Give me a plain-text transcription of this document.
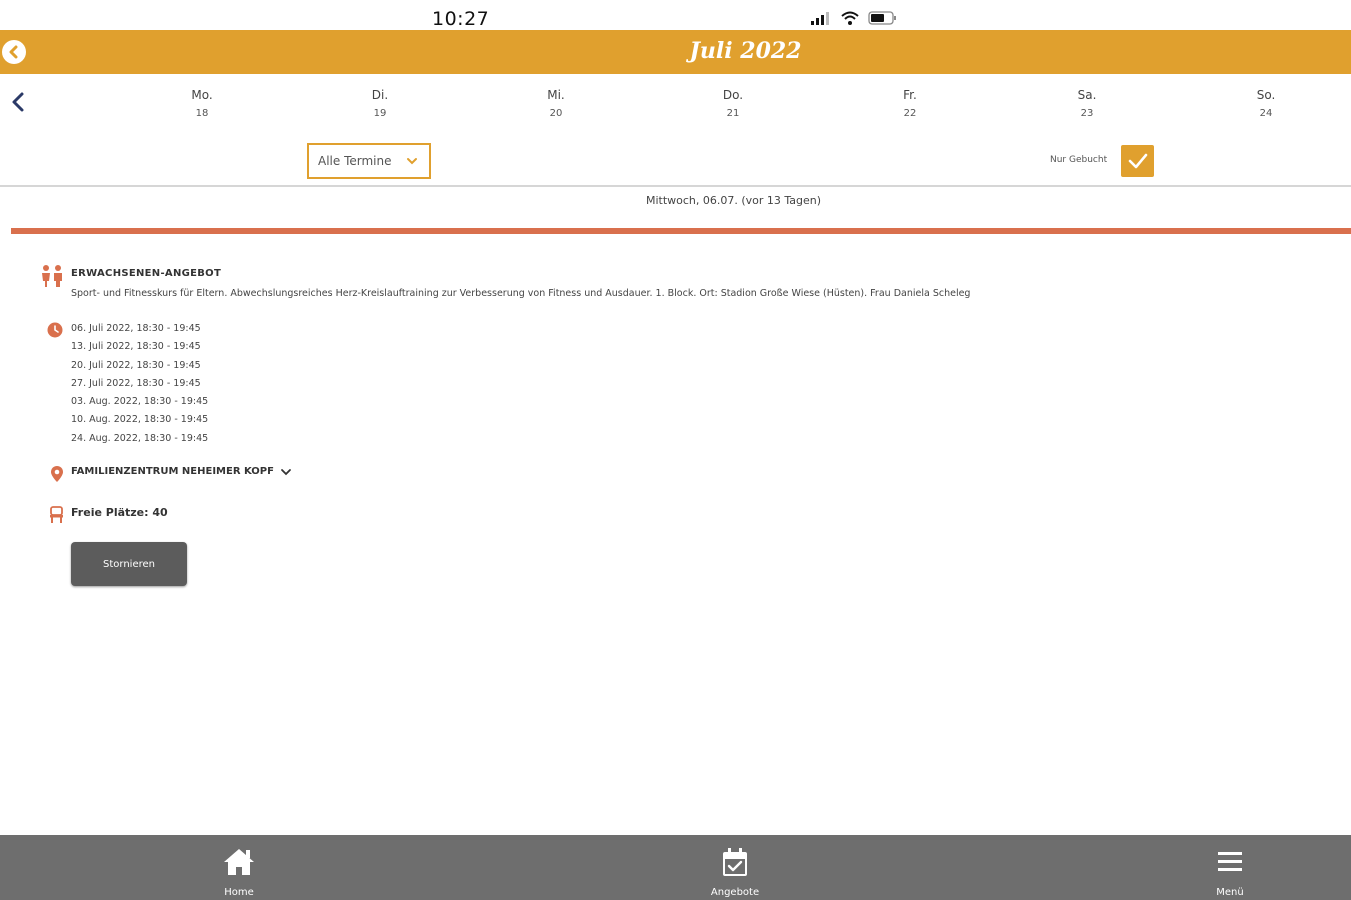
10:27
Juli 2022
Mo.
18
Di.
19
Mi.
20
Do.
21
Fr.
22
Sa.
23
So.
24
Alle Termine	Nur Gebucht
Mittwoch, 06.07. (vor 13 Tagen)
ERWACHSENEN-ANGEBOT
Sport- und Fitnesskurs für Eltern. Abwechslungsreiches Herz-Kreislauftraining zur Verbesserung von Fitness und Ausdauer. 1. Block. Ort: Stadion Große Wiese (Hüsten). Frau Daniela Scheleg
06. Juli 2022, 18:30 - 19:45
13. Juli 2022, 18:30 - 19:45
20. Juli 2022, 18:30 - 19:45
27. Juli 2022, 18:30 - 19:45
03. Aug. 2022, 18:30 - 19:45
10. Aug. 2022, 18:30 - 19:45
24. Aug. 2022, 18:30 - 19:45
FAMILIENZENTRUM NEHEIMER KOPF
Freie Plätze: 40
Stornieren
Home	Angebote	Menü
